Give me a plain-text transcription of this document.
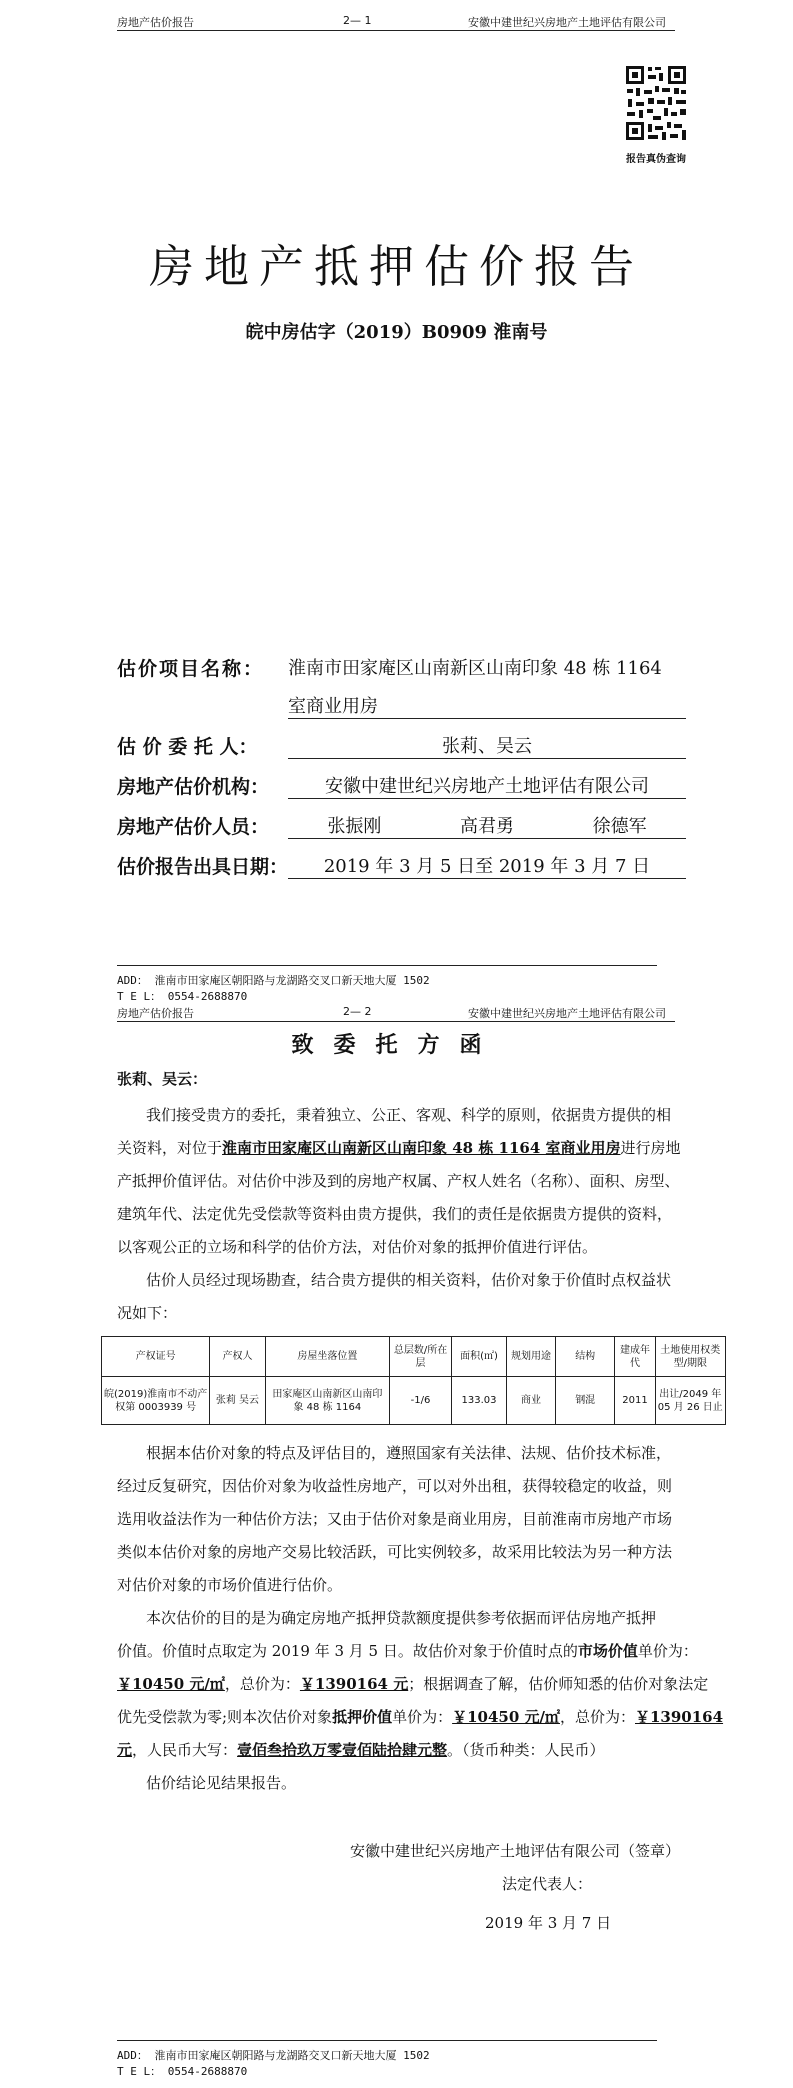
房地产估价报告	2— 1	安徽中建世纪兴房地产土地评估有限公司
报告真伪查询
房地产抵押估价报告
皖中房估字（2019）B0909 淮南号
估价项目名称： 淮南市田家庵区山南新区山南印象 48 栋 1164
室商业用房
估 价 委 托 人：	张莉、吴云
房地产估价机构：	安徽中建世纪兴房地产土地评估有限公司
房地产估价人员：	张振刚	高君勇	徐德军
估价报告出具日期：	2019 年 3 月 5 日至 2019 年 3 月 7 日
ADD： 淮南市田家庵区朝阳路与龙湖路交叉口新天地大厦 1502
T E L： 0554-2688870
房地产估价报告	2— 2	安徽中建世纪兴房地产土地评估有限公司
致委托方函
张莉、吴云：
我们接受贵方的委托，秉着独立、公正、客观、科学的原则，依据贵方提供的相
关资料，对位于淮南市田家庵区山南新区山南印象 48 栋 1164 室商业用房进行房地
产抵押价值评估。对估价中涉及到的房地产权属、产权人姓名（名称）、面积、房型、
建筑年代、法定优先受偿款等资料由贵方提供，我们的责任是依据贵方提供的资料，
以客观公正的立场和科学的估价方法，对估价对象的抵押价值进行评估。
估价人员经过现场勘查，结合贵方提供的相关资料，估价对象于价值时点权益状
况如下：
产权证号	产权人	房屋坐落位置	总层数/所在层	面积(㎡)	规划用途	结构	建成年代	土地使用权类型/期限
皖(2019)淮南市不动产权第 0003939 号	张莉 吴云	田家庵区山南新区山南印象 48 栋 1164	-1/6	133.03	商业	钢混	2011	出让/2049 年 05 月 26 日止
根据本估价对象的特点及评估目的，遵照国家有关法律、法规、估价技术标准，
经过反复研究，因估价对象为收益性房地产，可以对外出租，获得较稳定的收益，则
选用收益法作为一种估价方法；又由于估价对象是商业用房，目前淮南市房地产市场
类似本估价对象的房地产交易比较活跃，可比实例较多，故采用比较法为另一种方法
对估价对象的市场价值进行估价。
本次估价的目的是为确定房地产抵押贷款额度提供参考依据而评估房地产抵押
价值。价值时点取定为 2019 年 3 月 5 日。故估价对象于价值时点的市场价值单价为：
￥10450 元/㎡，总价为：￥1390164 元；根据调查了解，估价师知悉的估价对象法定
优先受偿款为零;则本次估价对象抵押价值单价为：￥10450 元/㎡，总价为：￥1390164
元，人民币大写：壹佰叁拾玖万零壹佰陆拾肆元整。（货币种类：人民币）
估价结论见结果报告。
安徽中建世纪兴房地产土地评估有限公司（签章）
法定代表人：
2019 年 3 月 7 日
ADD： 淮南市田家庵区朝阳路与龙湖路交叉口新天地大厦 1502
T E L： 0554-2688870
